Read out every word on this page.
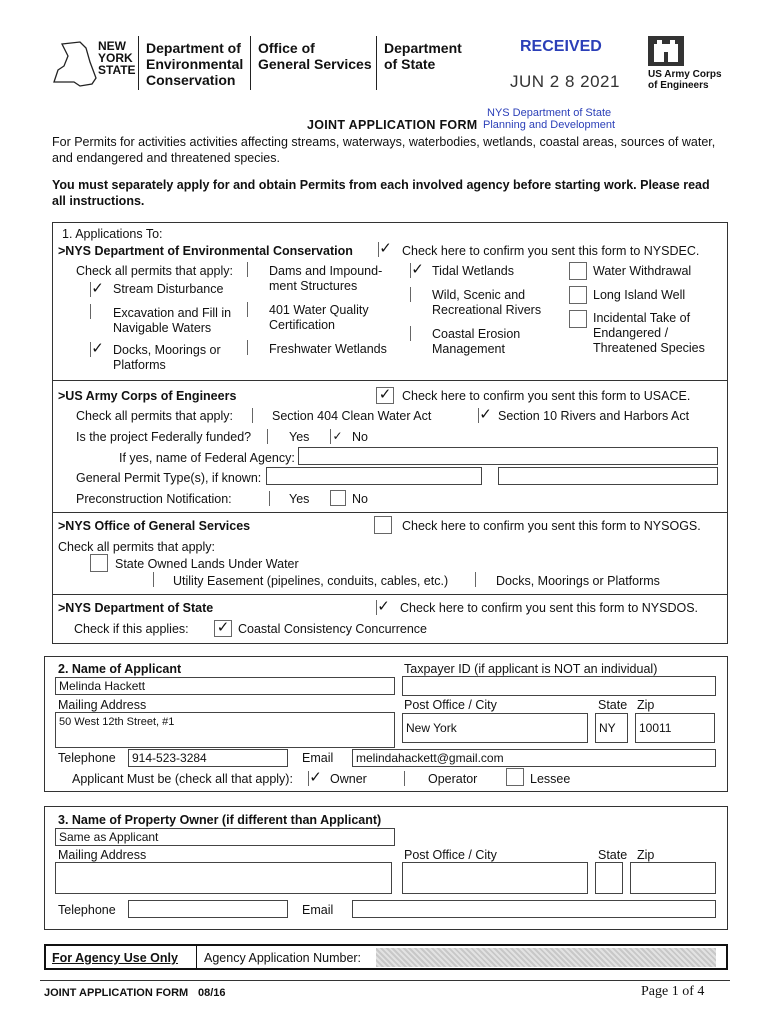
NEW
YORK
STATE
Department of
Environmental
Conservation
Office of
General Services
Department
of State
RECEIVED
JUN 2 8 2021	US Army Corps
of Engineers
NYS Department of State
JOINT APPLICATION FORM Planning and Development
For Permits for activities activities affecting streams, waterways, waterbodies, wetlands, coastal areas, sources of water,
and endangered and threatened species.
You must separately apply for and obtain Permits from each involved agency before starting work. Please read
all instructions.
1. Applications To:
>NYS Department of Environmental Conservation ✓ Check here to confirm you sent this form to NYSDEC.
Check all permits that apply:
✓ Stream Disturbance
Excavation and Fill in
Navigable Waters
✓ Docks, Moorings or
Platforms
Dams and Impound-
ment Structures
401 Water Quality
Certification
Freshwater Wetlands
✓ Tidal Wetlands
Wild, Scenic and
Recreational Rivers
Coastal Erosion
Management
Water Withdrawal
Long Island Well
Incidental Take of
Endangered /
Threatened Species
>US Army Corps of Engineers	✓ Check here to confirm you sent this form to USACE.
Check all permits that apply:	Section 404 Clean Water Act	✓ Section 10 Rivers and Harbors Act
Is the project Federally funded?	Yes ✓ No
If yes, name of Federal Agency:
General Permit Type(s), if known:
Preconstruction Notification:	Yes	No
>NYS Office of General Services	Check here to confirm you sent this form to NYSOGS.
Check all permits that apply:
State Owned Lands Under Water
Utility Easement (pipelines, conduits, cables, etc.)	Docks, Moorings or Platforms
>NYS Department of State	✓ Check here to confirm you sent this form to NYSDOS.
Check if this applies: ✓ Coastal Consistency Concurrence
2. Name of Applicant	Taxpayer ID (if applicant is NOT an individual)
Melinda Hackett
Mailing Address	Post Office / City	State Zip
50 West 12th Street, #1	New York	NY	10011
Telephone	914-523-3284	Email	melindahackett@gmail.com
Applicant Must be (check all that apply): ✓ Owner	Operator	Lessee
3. Name of Property Owner (if different than Applicant)
Same as Applicant
Mailing Address	Post Office / City	State Zip
Telephone	Email
For Agency Use Only Agency Application Number:
JOINT APPLICATION FORM 08/16	Page 1 of 4
